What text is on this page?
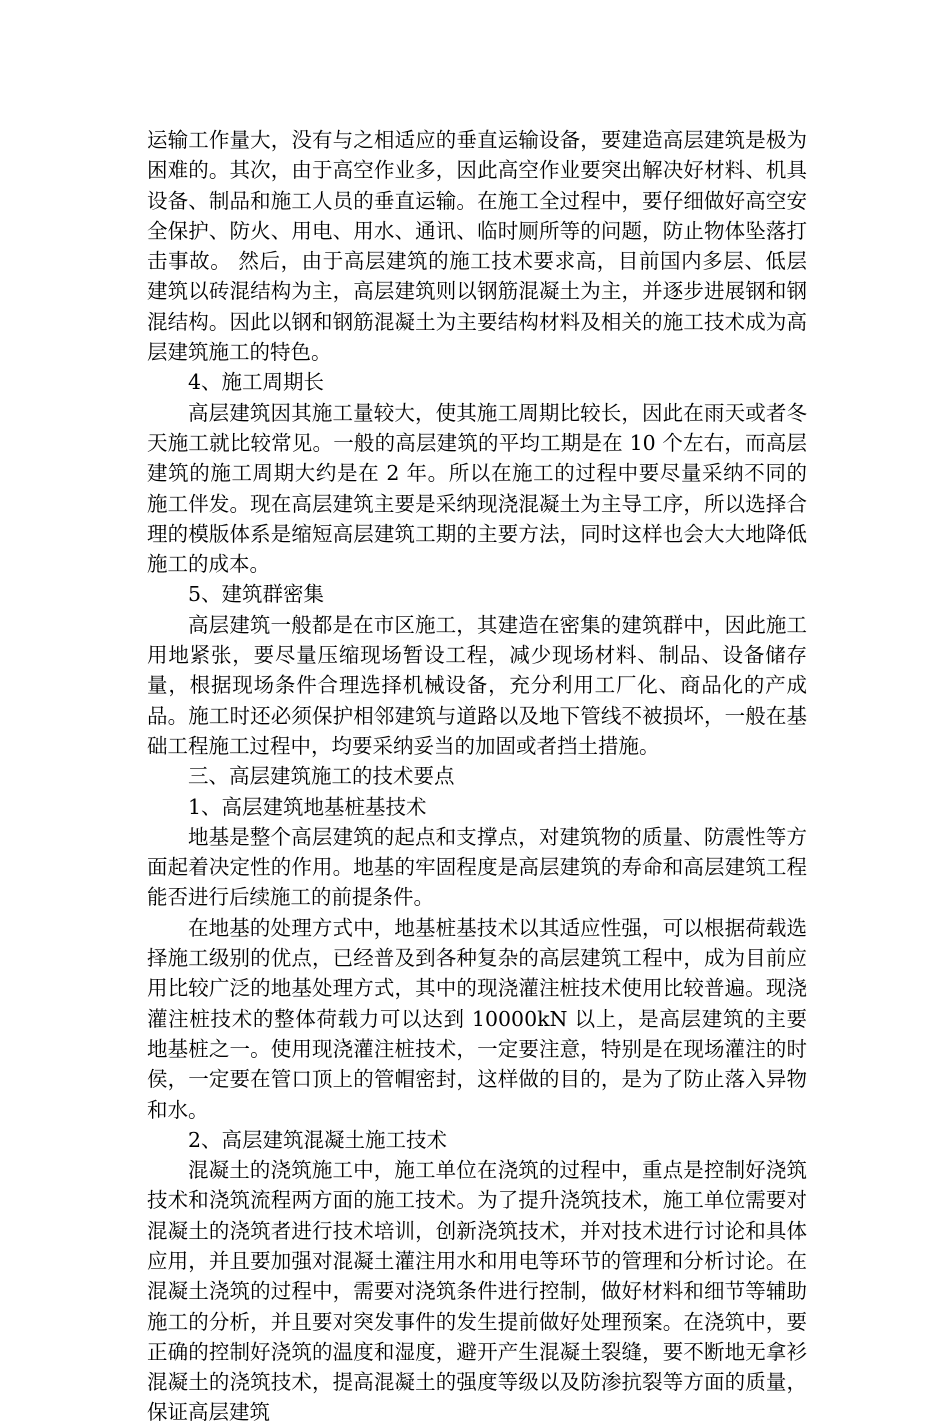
运输工作量大，没有与之相适应的垂直运输设备，要建造高层建筑是极为困难的。其次，由于高空作业多，因此高空作业要突出解决好材料、机具设备、制品和施工人员的垂直运输。在施工全过程中，要仔细做好高空安全保护、防火、用电、用水、通讯、临时厕所等的问题，防止物体坠落打击事故。 然后，由于高层建筑的施工技术要求高，目前国内多层、低层建筑以砖混结构为主，高层建筑则以钢筋混凝土为主，并逐步进展钢和钢混结构。因此以钢和钢筋混凝土为主要结构材料及相关的施工技术成为高层建筑施工的特色。

4、施工周期长

高层建筑因其施工量较大，使其施工周期比较长，因此在雨天或者冬天施工就比较常见。一般的高层建筑的平均工期是在 10 个左右，而高层建筑的施工周期大约是在 2 年。所以在施工的过程中要尽量采纳不同的施工伴发。现在高层建筑主要是采纳现浇混凝土为主导工序，所以选择合理的模版体系是缩短高层建筑工期的主要方法，同时这样也会大大地降低施工的成本。

5、建筑群密集

高层建筑一般都是在市区施工，其建造在密集的建筑群中，因此施工用地紧张，要尽量压缩现场暂设工程，减少现场材料、制品、设备储存量，根据现场条件合理选择机械设备，充分利用工厂化、商品化的产成品。施工时还必须保护相邻建筑与道路以及地下管线不被损坏，一般在基础工程施工过程中，均要采纳妥当的加固或者挡土措施。

三、高层建筑施工的技术要点

1、高层建筑地基桩基技术

地基是整个高层建筑的起点和支撑点，对建筑物的质量、防震性等方面起着决定性的作用。地基的牢固程度是高层建筑的寿命和高层建筑工程能否进行后续施工的前提条件。

在地基的处理方式中，地基桩基技术以其适应性强，可以根据荷载选择施工级别的优点，已经普及到各种复杂的高层建筑工程中，成为目前应用比较广泛的地基处理方式，其中的现浇灌注桩技术使用比较普遍。现浇灌注桩技术的整体荷载力可以达到 10000kN 以上，是高层建筑的主要地基桩之一。使用现浇灌注桩技术，一定要注意，特别是在现场灌注的时侯，一定要在管口顶上的管帽密封，这样做的目的，是为了防止落入异物和水。

2、高层建筑混凝土施工技术

混凝土的浇筑施工中，施工单位在浇筑的过程中，重点是控制好浇筑技术和浇筑流程两方面的施工技术。为了提升浇筑技术，施工单位需要对混凝土的浇筑者进行技术培训，创新浇筑技术，并对技术进行讨论和具体应用，并且要加强对混凝土灌注用水和用电等环节的管理和分析讨论。在混凝土浇筑的过程中，需要对浇筑条件进行控制，做好材料和细节等辅助施工的分析，并且要对突发事件的发生提前做好处理预案。在浇筑中，要正确的控制好浇筑的温度和湿度，避开产生混凝土裂缝，要不断地无拿衫混凝土的浇筑技术，提高混凝土的强度等级以及防渗抗裂等方面的质量，保证高层建筑
